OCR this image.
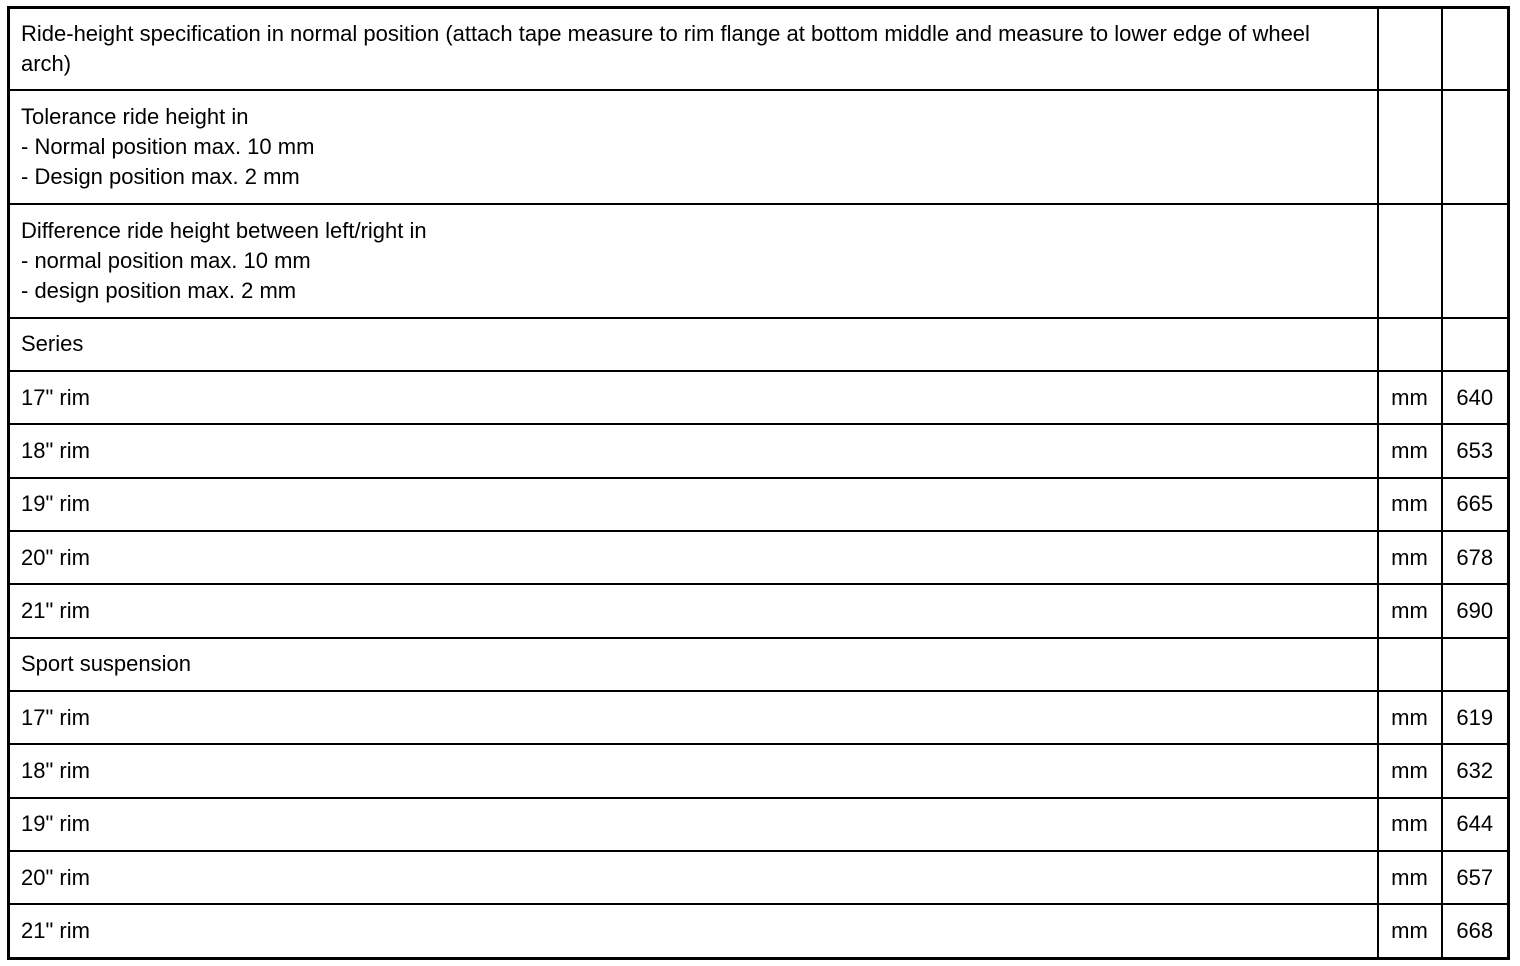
Ride-height specification in normal position (attach tape measure to rim flange at bottom middle and measure to lower edge of wheel arch)		
Tolerance ride height in
- Normal position max. 10 mm
- Design position max. 2 mm		
Difference ride height between left/right in
- normal position max. 10 mm
- design position max. 2 mm		
Series		
17" rim	mm	640
18" rim	mm	653
19" rim	mm	665
20" rim	mm	678
21" rim	mm	690
Sport suspension		
17" rim	mm	619
18" rim	mm	632
19" rim	mm	644
20" rim	mm	657
21" rim	mm	668
